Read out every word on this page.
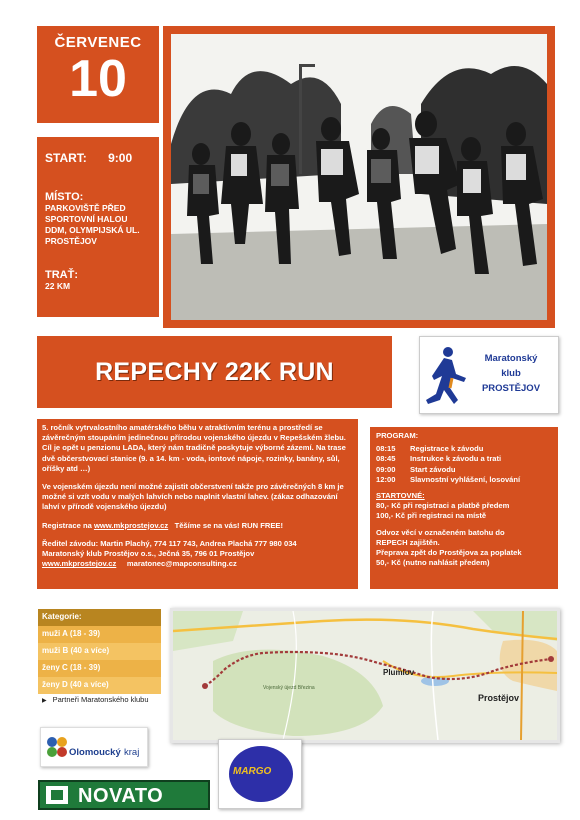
ČERVENEC
10
START: 9:00
MÍSTO:
PARKOVIŠTĚ PŘED
SPORTOVNÍ HALOU
DDM, OLYMPIJSKÁ UL.
PROSTĚJOV
TRAŤ:
22 KM
REPECHY 22K RUN	Maratonský
klub
PROSTĚJOV

5. ročník vytrvalostního amatérského běhu v atraktivním terénu a prostředí se závěrečným stoupáním jedinečnou přírodou vojenského újezdu v Repešském žlebu. Cíl je opět u penzionu LADA, který nám tradičně poskytuje výborné zázemí. Na trase dvě občerstvovací stanice (9. a 14. km - voda, iontové nápoje, rozinky, banány, sůl, oříšky atd …)

Ve vojenském újezdu není možné zajistit občerstvení takže pro závěrečných 8 km je možné si vzít vodu v malých lahvích nebo naplnit vlastní lahev. (zákaz odhazování lahví v přírodě vojenského újezdu)

Registrace na www.mkprostejov.cz Těšíme se na vás! RUN FREE!

Ředitel závodu: Martin Plachý, 774 117 743, Andrea Plachá 777 980 034
Maratonský klub Prostějov o.s., Ječná 35, 796 01 Prostějov
www.mkprostejov.cz maratonec@mapconsulting.cz
PROGRAM:
08:15	Registrace k závodu
08:45	Instrukce k závodu a trati
09:00	Start závodu
12:00	Slavnostní vyhlášení, losování
STARTOVNÉ:
80,- Kč při registraci a platbě předem
100,- Kč při registraci na místě
Odvoz věcí v označeném batohu do
REPECH zajištěn.
Přeprava zpět do Prostějova za poplatek
50,- Kč (nutno nahlásit předem)
Kategorie:
muži A (18 - 39)
muži B (40 a více)
ženy C (18 - 39)
ženy D (40 a více)
▶ Partneři Maratonského klubu
Plumlov
Prostějov
Vojenský újezd Březina
Olomoucký kraj
NOVATO
MARGO
